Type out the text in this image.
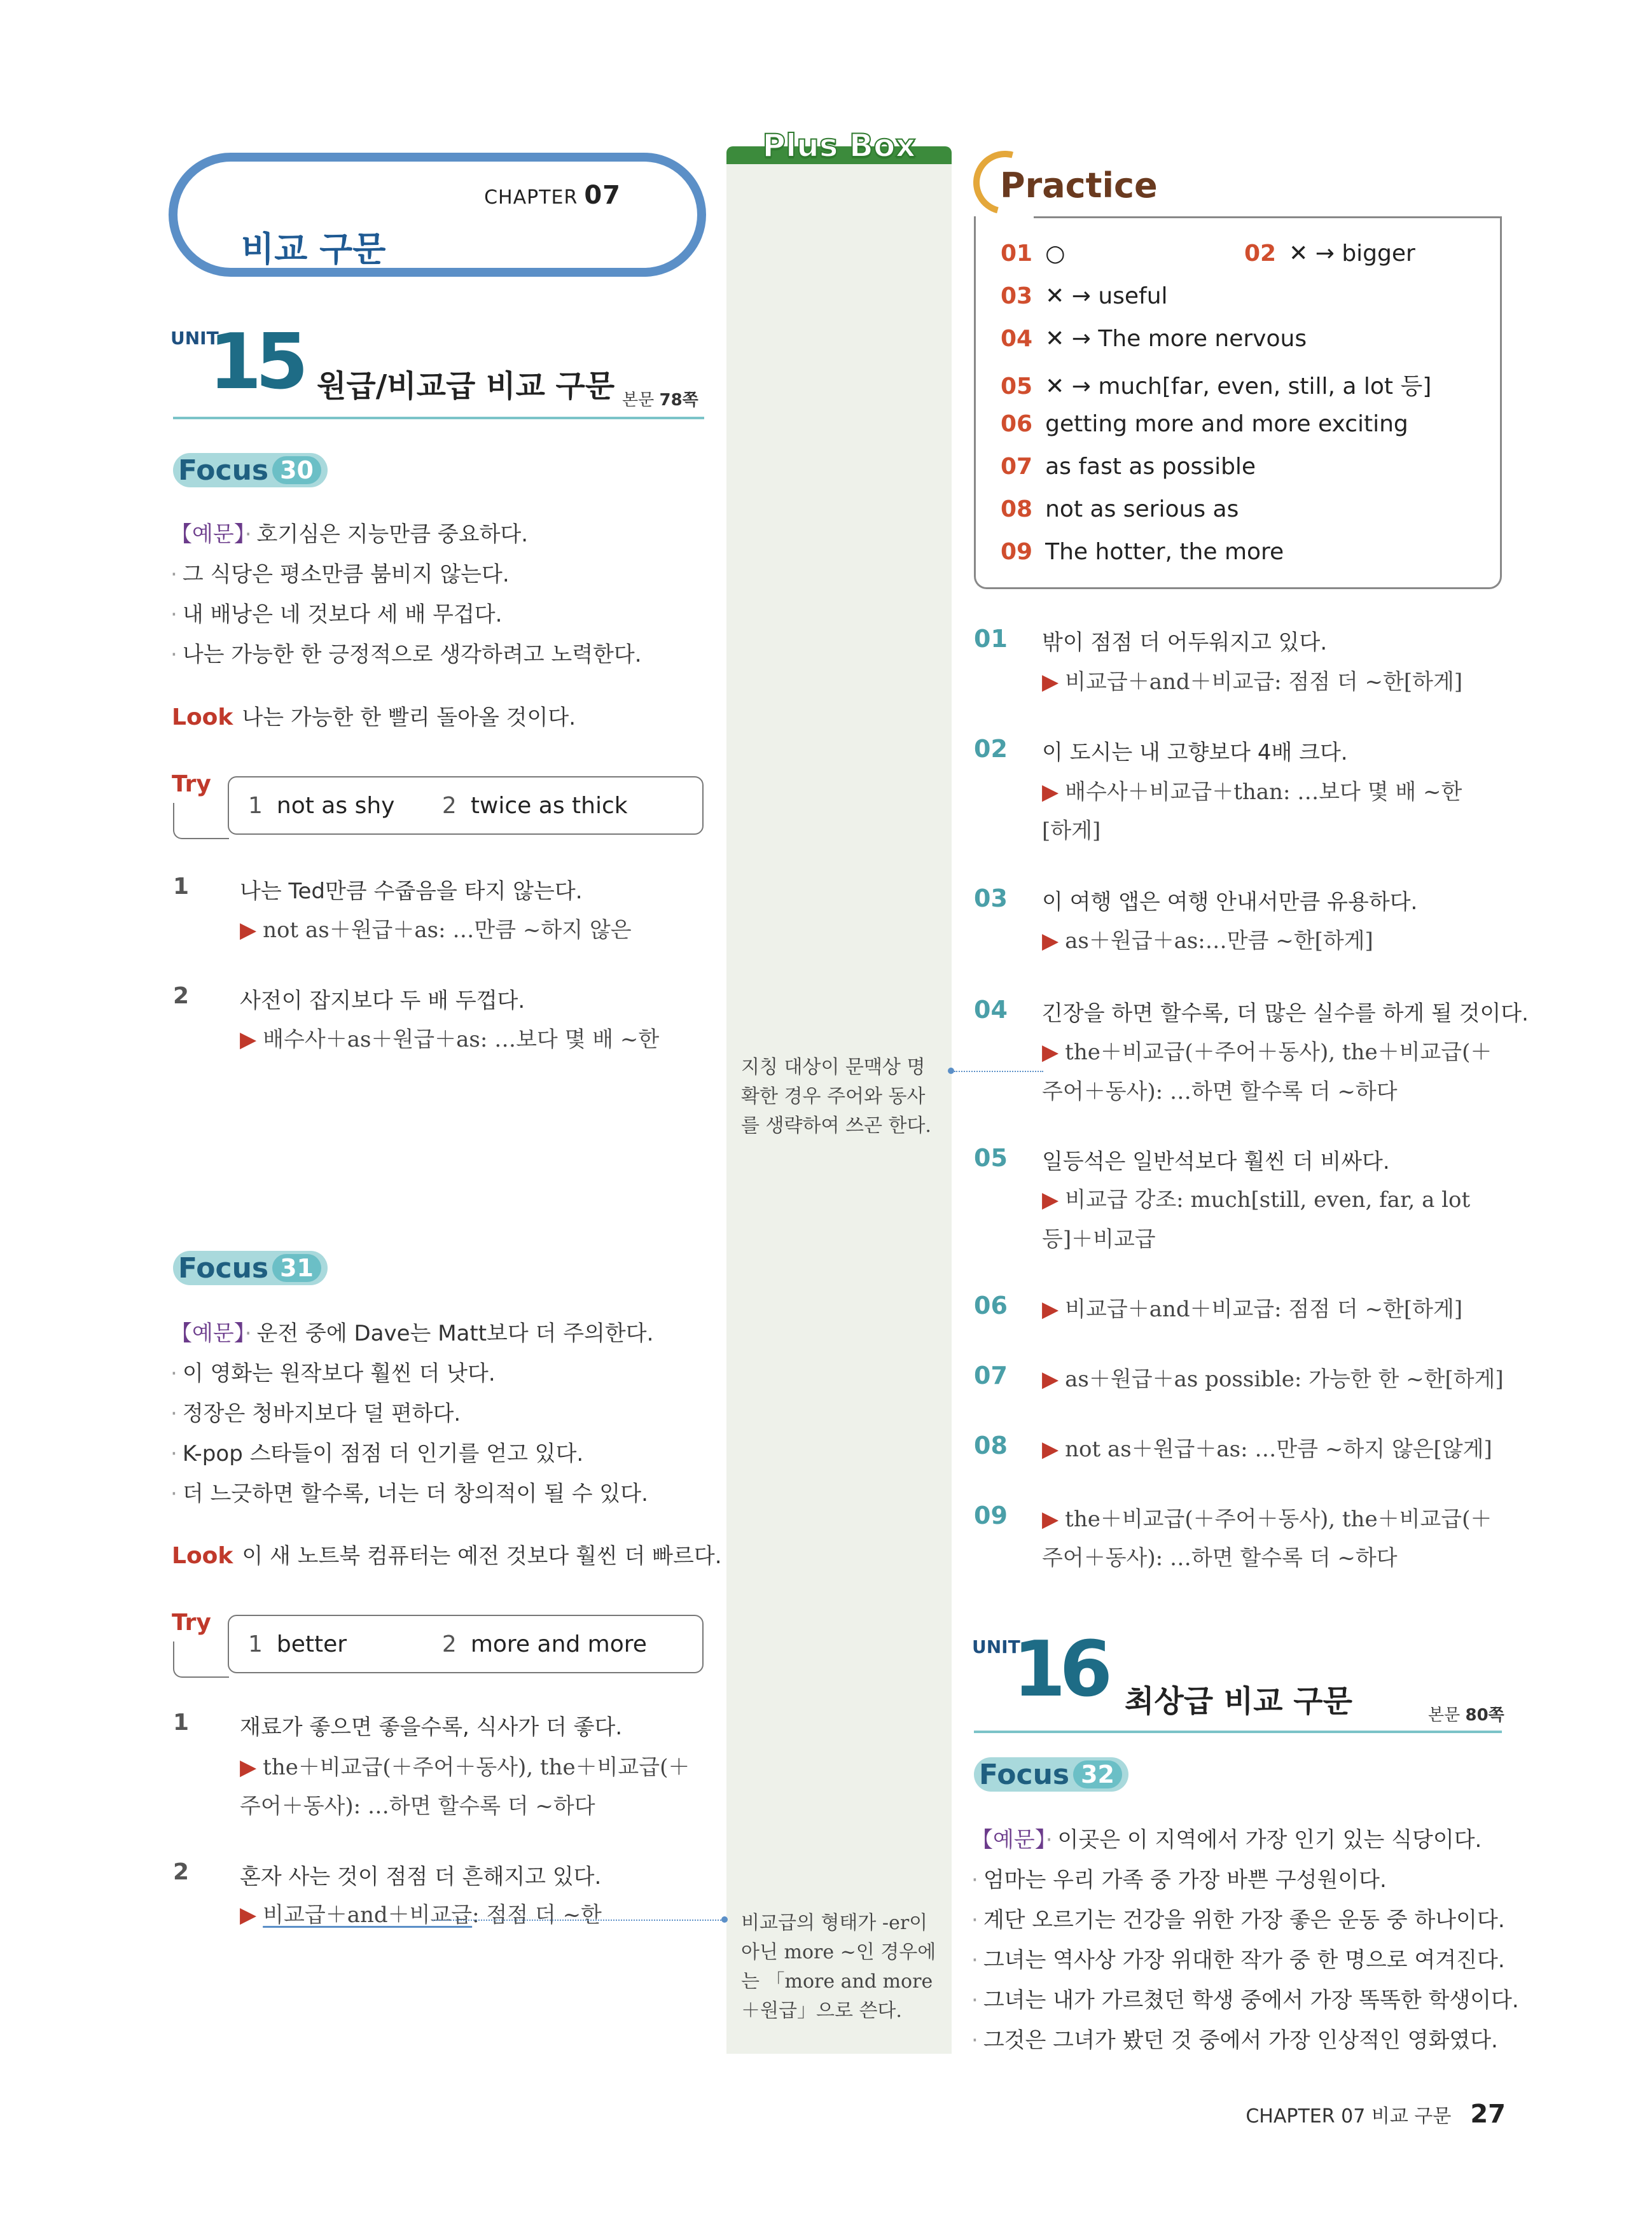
CHAPTER 07
비교 구문
UNIT
15 원급/비교급 비교 구문 본문 78쪽
Focus 30
【예문】· 호기심은 지능만큼 중요하다.
· 그 식당은 평소만큼 붐비지 않는다.
· 내 배낭은 네 것보다 세 배 무겁다.
· 나는 가능한 한 긍정적으로 생각하려고 노력한다.
Look 나는 가능한 한 빨리 돌아올 것이다.
Try
1 not as shy	2 twice as thick
1 나는 Ted만큼 수줍음을 타지 않는다.
▶ not as＋원급＋as: …만큼 ~하지 않은
2 사전이 잡지보다 두 배 두껍다.
▶ 배수사＋as＋원급＋as: …보다 몇 배 ~한
Focus 31
【예문】· 운전 중에 Dave는 Matt보다 더 주의한다.
· 이 영화는 원작보다 훨씬 더 낫다.
· 정장은 청바지보다 덜 편하다.
· K-pop 스타들이 점점 더 인기를 얻고 있다.
· 더 느긋하면 할수록, 너는 더 창의적이 될 수 있다.
Look 이 새 노트북 컴퓨터는 예전 것보다 훨씬 더 빠르다.
Try
1 better	2 more and more
1 재료가 좋으면 좋을수록, 식사가 더 좋다.
▶ the＋비교급(＋주어＋동사), the＋비교급(＋
주어＋동사): …하면 할수록 더 ~하다
2 혼자 사는 것이 점점 더 흔해지고 있다.
▶ 비교급＋and＋비교급: 점점 더 ~한
Plus Box
지칭 대상이 문맥상 명
확한 경우 주어와 동사
를 생략하여 쓰곤 한다.
비교급의 형태가 -er이
아닌 more ~인 경우에
는 「more and more
＋원급」으로 쓴다.
Practice
01 ○	02 ✕ → bigger
03 ✕ → useful
04 ✕ → The more nervous
05 ✕ → much[far, even, still, a lot 등]
06 getting more and more exciting
07 as fast as possible
08 not as serious as
09 The hotter, the more
01 밖이 점점 더 어두워지고 있다.
▶ 비교급＋and＋비교급: 점점 더 ~한[하게]
02 이 도시는 내 고향보다 4배 크다.
▶ 배수사＋비교급＋than: …보다 몇 배 ~한
[하게]
03 이 여행 앱은 여행 안내서만큼 유용하다.
▶ as＋원급＋as:…만큼 ~한[하게]
04 긴장을 하면 할수록, 더 많은 실수를 하게 될 것이다.
▶ the＋비교급(＋주어＋동사), the＋비교급(＋
주어＋동사): …하면 할수록 더 ~하다
05 일등석은 일반석보다 훨씬 더 비싸다.
▶ 비교급 강조: much[still, even, far, a lot
등]＋비교급
06 ▶ 비교급＋and＋비교급: 점점 더 ~한[하게]
07 ▶ as＋원급＋as possible: 가능한 한 ~한[하게]
08 ▶ not as＋원급＋as: …만큼 ~하지 않은[않게]
09 ▶ the＋비교급(＋주어＋동사), the＋비교급(＋
주어＋동사): …하면 할수록 더 ~하다
UNIT
16 최상급 비교 구문	본문 80쪽
Focus 32
【예문】· 이곳은 이 지역에서 가장 인기 있는 식당이다.
· 엄마는 우리 가족 중 가장 바쁜 구성원이다.
· 계단 오르기는 건강을 위한 가장 좋은 운동 중 하나이다.
· 그녀는 역사상 가장 위대한 작가 중 한 명으로 여겨진다.
· 그녀는 내가 가르쳤던 학생 중에서 가장 똑똑한 학생이다.
· 그것은 그녀가 봤던 것 중에서 가장 인상적인 영화였다.
CHAPTER 07 비교 구문 27
